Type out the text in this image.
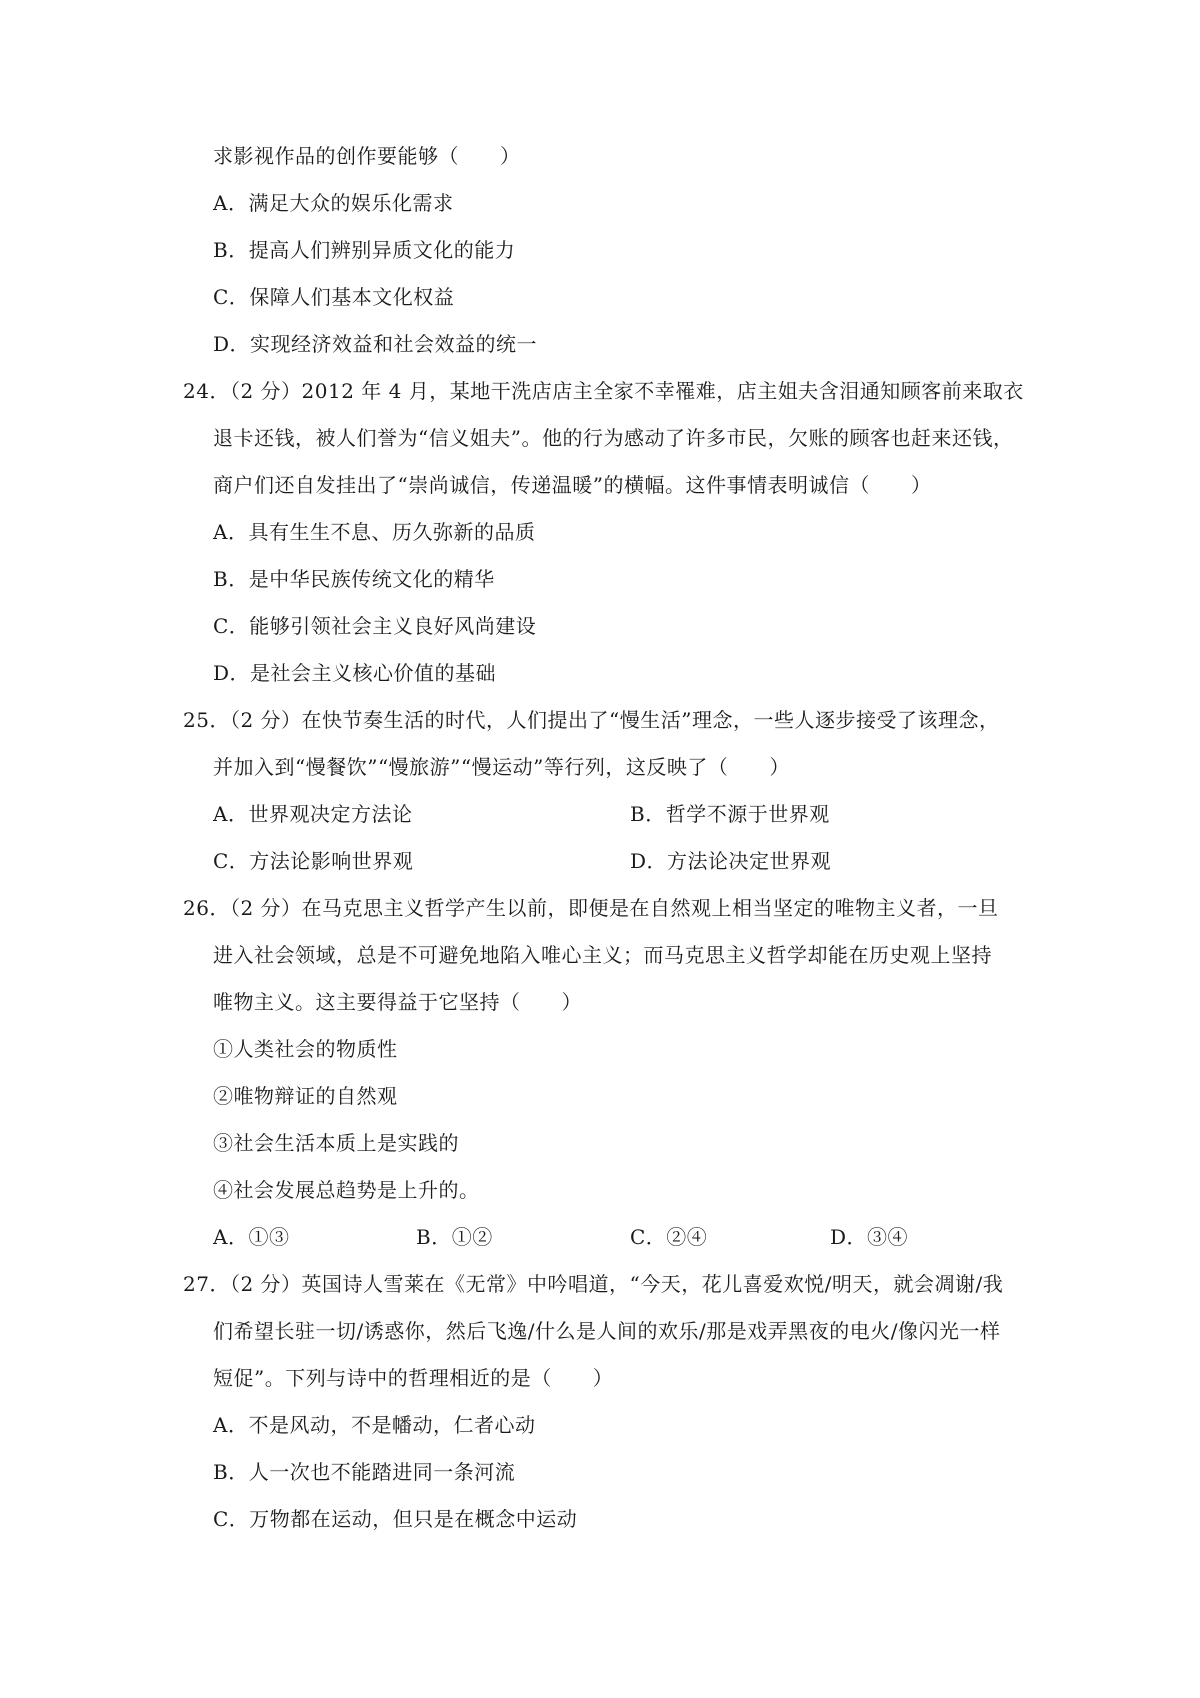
求影视作品的创作要能够（　　）
A．满足大众的娱乐化需求
B．提高人们辨别异质文化的能力
C．保障人们基本文化权益
D．实现经济效益和社会效益的统一
24．（2 分）2012 年 4 月，某地干洗店店主全家不幸罹难，店主姐夫含泪通知顾客前来取衣
退卡还钱，被人们誉为“信义姐夫”。他的行为感动了许多市民，欠账的顾客也赶来还钱，
商户们还自发挂出了“崇尚诚信，传递温暖”的横幅。这件事情表明诚信（　　）
A．具有生生不息、历久弥新的品质
B．是中华民族传统文化的精华
C．能够引领社会主义良好风尚建设
D．是社会主义核心价值的基础
25．（2 分）在快节奏生活的时代，人们提出了“慢生活”理念，一些人逐步接受了该理念，
并加入到“慢餐饮”“慢旅游”“慢运动”等行列，这反映了（　　）
A．世界观决定方法论	B．哲学不源于世界观
C．方法论影响世界观	D．方法论决定世界观
26．（2 分）在马克思主义哲学产生以前，即便是在自然观上相当坚定的唯物主义者，一旦
进入社会领域，总是不可避免地陷入唯心主义；而马克思主义哲学却能在历史观上坚持
唯物主义。这主要得益于它坚持（　　）
①人类社会的物质性
②唯物辩证的自然观
③社会生活本质上是实践的
④社会发展总趋势是上升的。
A．①③	B．①②	C．②④	D．③④
27．（2 分）英国诗人雪莱在《无常》中吟唱道，“今天，花儿喜爱欢悦/明天，就会凋谢/我
们希望长驻一切/诱惑你，然后飞逸/什么是人间的欢乐/那是戏弄黑夜的电火/像闪光一样
短促”。下列与诗中的哲理相近的是（　　）
A．不是风动，不是幡动，仁者心动
B．人一次也不能踏进同一条河流
C．万物都在运动，但只是在概念中运动
